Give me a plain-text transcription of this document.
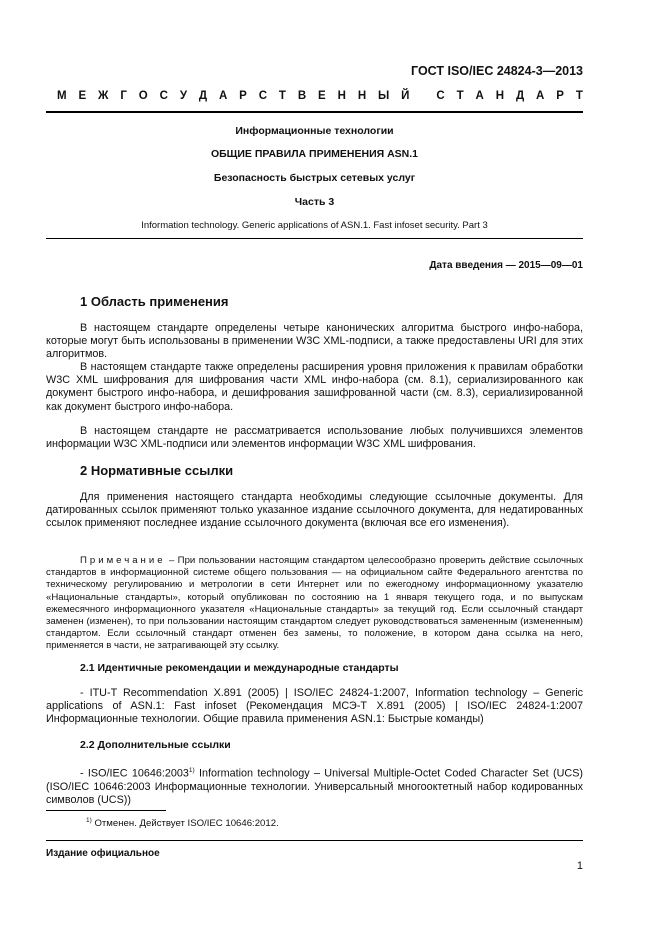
ГОСТ ISO/IEC 24824-3—2013
М Е Ж Г О С У Д А Р С Т В Е Н Н Ы Й
С Т А Н Д А Р Т
Информационные технологии
ОБЩИЕ ПРАВИЛА ПРИМЕНЕНИЯ ASN.1
Безопасность быстрых сетевых услуг
Часть 3
Information technology. Generic applications of ASN.1. Fast infoset security. Part 3
Дата введения — 2015—09—01
1 Область применения

В настоящем стандарте определены четыре канонических алгоритма быстрого инфо-набора, которые могут быть использованы в применении W3C XML-подписи, а также предоставлены URI для этих алгоритмов.

В настоящем стандарте также определены расширения уровня приложения к правилам обработки W3C XML шифрования для шифрования части XML инфо-набора (см. 8.1), сериализированного как документ быстрого инфо-набора, и дешифрования зашифрованной части (см. 8.3), сериализированной как документ быстрого инфо-набора.

В настоящем стандарте не рассматривается использование любых получившихся элементов информации W3C XML-подписи или элементов информации W3C XML шифрования.

2 Нормативные ссылки

Для применения настоящего стандарта необходимы следующие ссылочные документы. Для датированных ссылок применяют только указанное издание ссылочного документа, для недатированных ссылок применяют последнее издание ссылочного документа (включая все его изменения).

Примечание – При пользовании настоящим стандартом целесообразно проверить действие ссылочных стандартов в информационной системе общего пользования — на официальном сайте Федерального агентства по техническому регулированию и метрологии в сети Интернет или по ежегодному информационному указателю «Национальные стандарты», который опубликован по состоянию на 1 января текущего года, и по выпускам ежемесячного информационного указателя «Национальные стандарты» за текущий год. Если ссылочный стандарт заменен (изменен), то при пользовании настоящим стандартом следует руководствоваться замененным (измененным) стандартом. Если ссылочный стандарт отменен без замены, то положение, в котором дана ссылка на него, применяется в части, не затрагивающей эту ссылку.

2.1 Идентичные рекомендации и международные стандарты

- ITU-T Recommendation X.891 (2005) | ISO/IEC 24824-1:2007, Information technology – Generic applications of ASN.1: Fast infoset (Рекомендация МСЭ-Т X.891 (2005) | ISO/IEC 24824-1:2007 Информационные технологии. Общие правила применения ASN.1: Быстрые команды)

2.2 Дополнительные ссылки

- ISO/IEC 10646:2003$^{1)}$ Information technology – Universal Multiple-Octet Coded Character Set (UCS) (ISO/IEC 10646:2003 Информационные технологии. Универсальный многооктетный набор кодированных символов (UCS))

$^{1)}$ Отменен. Действует ISO/IEC 10646:2012.
Издание официальное
1
